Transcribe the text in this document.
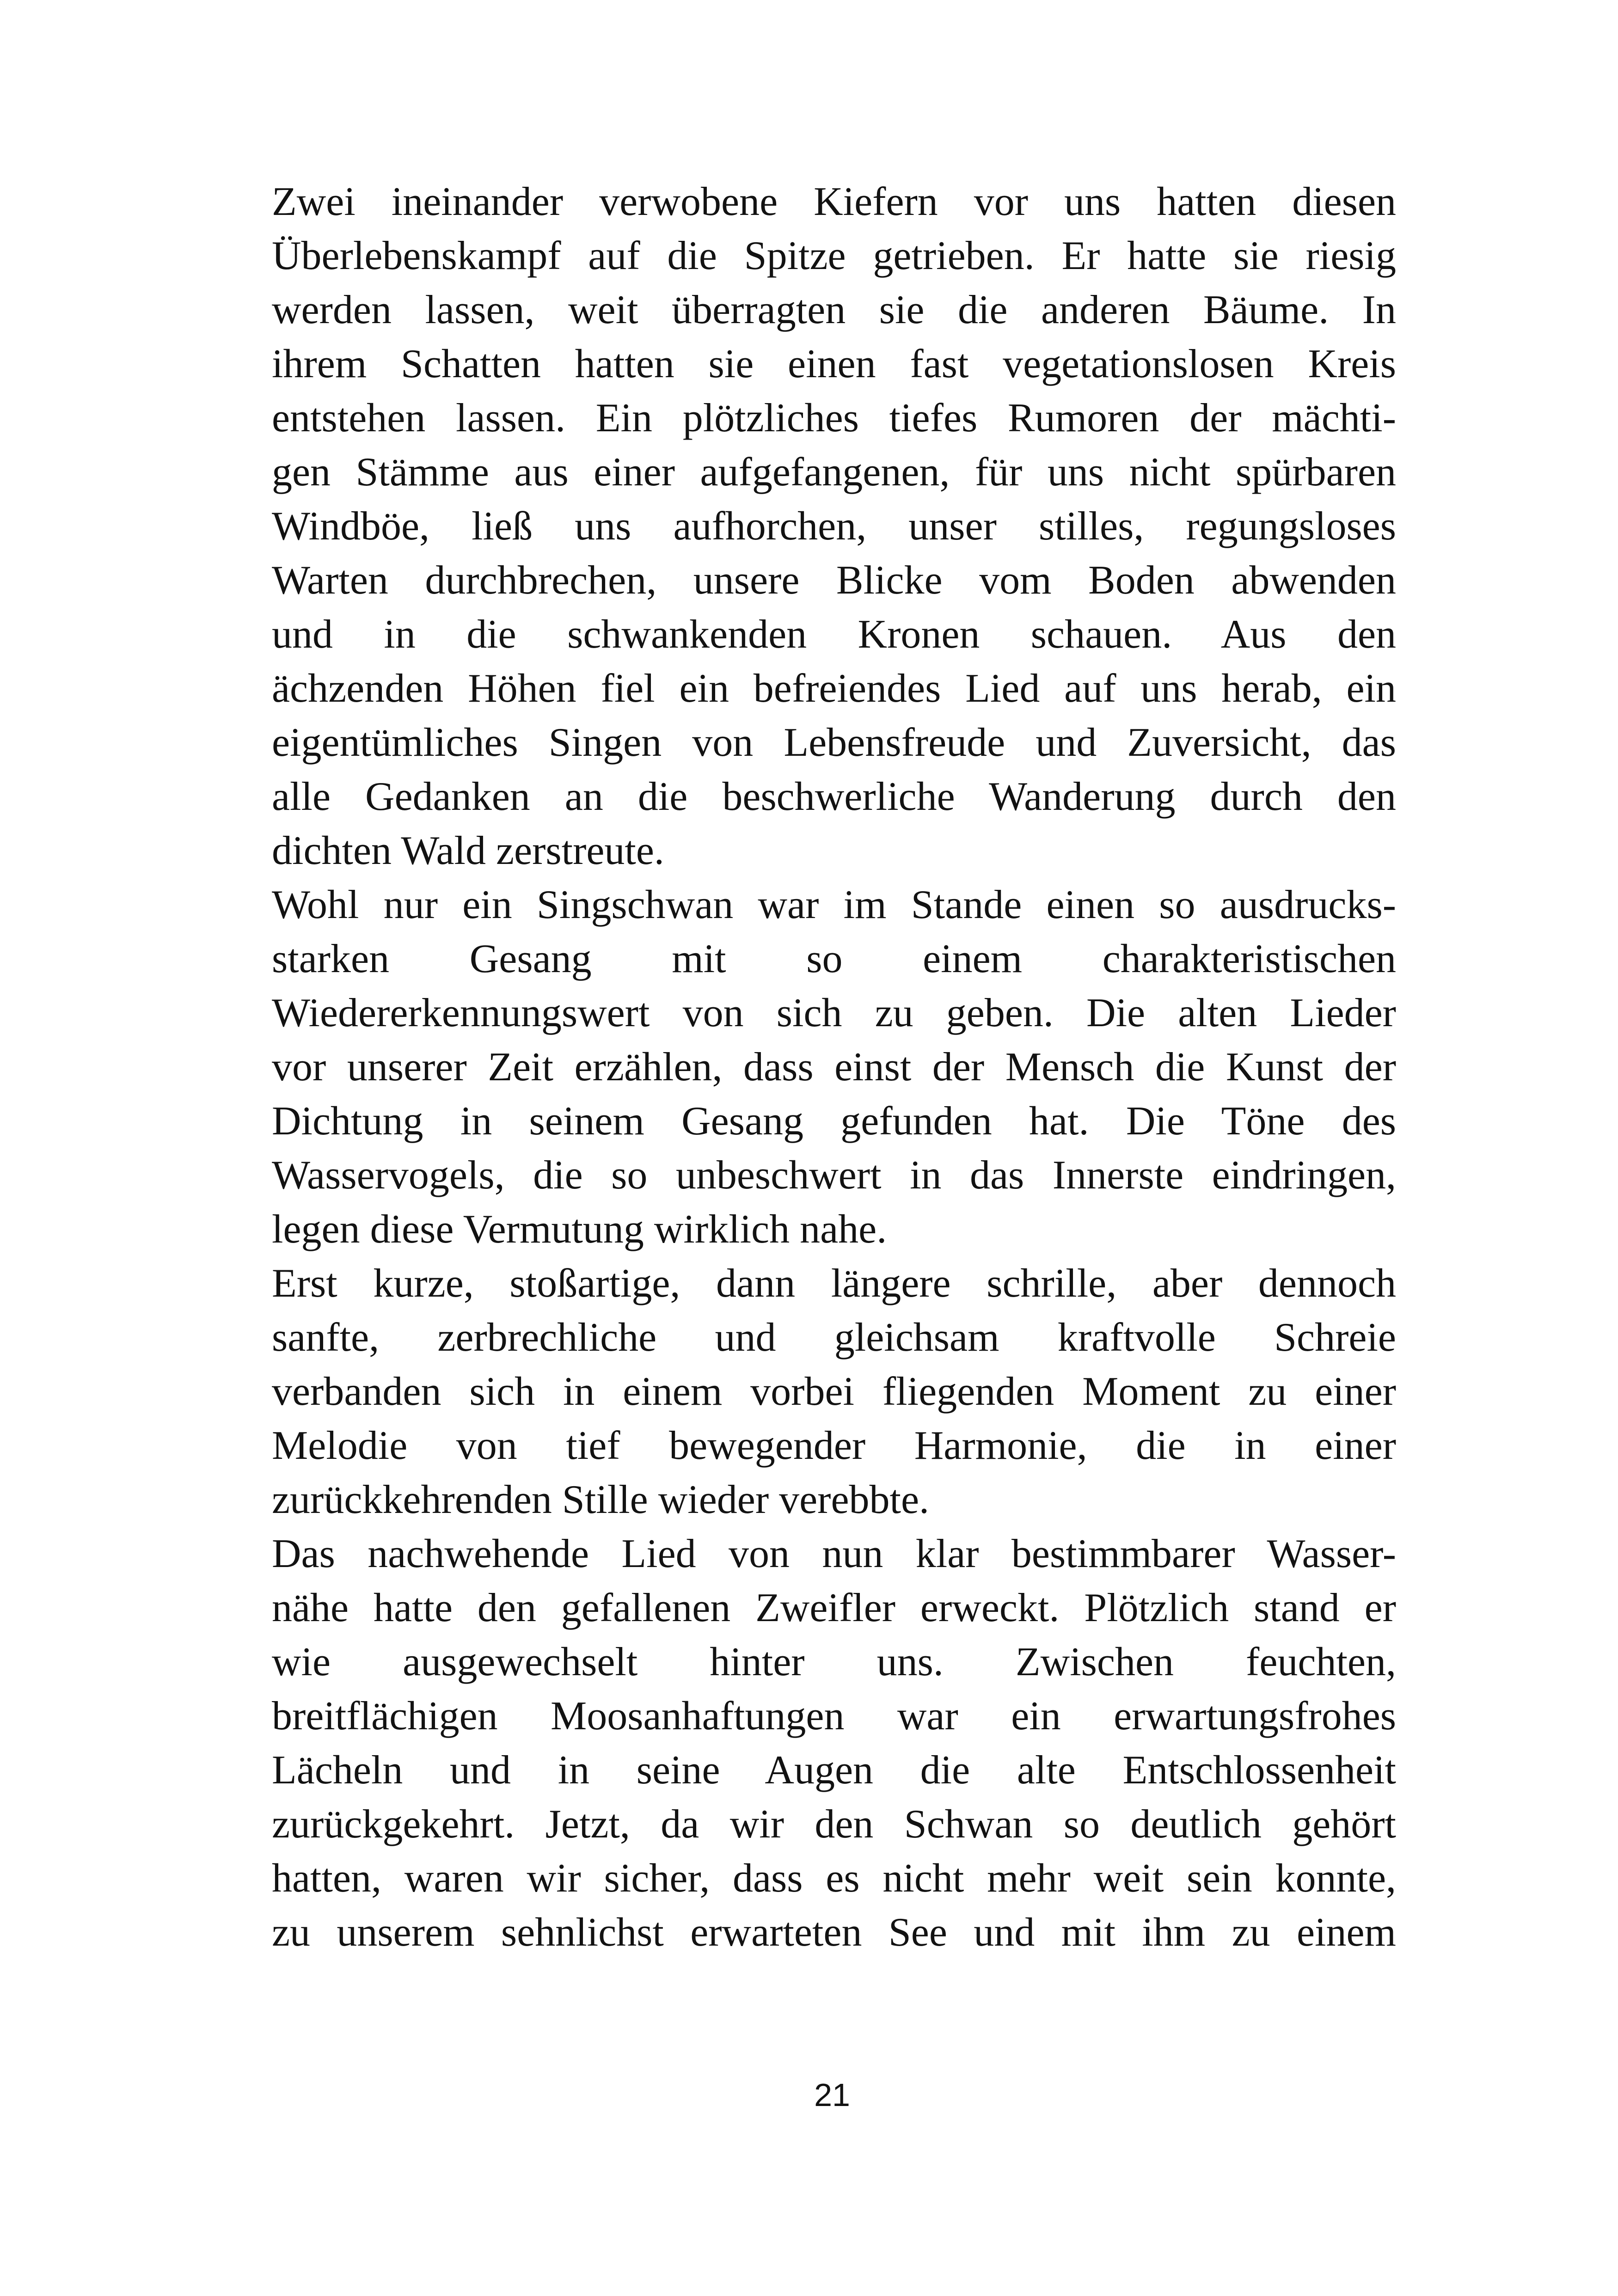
Zwei ineinander verwobene Kiefern vor uns hatten diesen
Überlebenskampf auf die Spitze getrieben. Er hatte sie riesig
werden lassen, weit überragten sie die anderen Bäume. In
ihrem Schatten hatten sie einen fast vegetationslosen Kreis
entstehen lassen. Ein plötzliches tiefes Rumoren der mächti-
gen Stämme aus einer aufgefangenen, für uns nicht spürbaren
Windböe, ließ uns aufhorchen, unser stilles, regungsloses
Warten durchbrechen, unsere Blicke vom Boden abwenden
und in die schwankenden Kronen schauen. Aus den
ächzenden Höhen fiel ein befreiendes Lied auf uns herab, ein
eigentümliches Singen von Lebensfreude und Zuversicht, das
alle Gedanken an die beschwerliche Wanderung durch den
dichten Wald zerstreute.
Wohl nur ein Singschwan war im Stande einen so ausdrucks-
starken Gesang mit so einem charakteristischen
Wiedererkennungswert von sich zu geben. Die alten Lieder
vor unserer Zeit erzählen, dass einst der Mensch die Kunst der
Dichtung in seinem Gesang gefunden hat. Die Töne des
Wasservogels, die so unbeschwert in das Innerste eindringen,
legen diese Vermutung wirklich nahe.
Erst kurze, stoßartige, dann längere schrille, aber dennoch
sanfte, zerbrechliche und gleichsam kraftvolle Schreie
verbanden sich in einem vorbei fliegenden Moment zu einer
Melodie von tief bewegender Harmonie, die in einer
zurückkehrenden Stille wieder verebbte.
Das nachwehende Lied von nun klar bestimmbarer Wasser-
nähe hatte den gefallenen Zweifler erweckt. Plötzlich stand er
wie ausgewechselt hinter uns. Zwischen feuchten,
breitflächigen Moosanhaftungen war ein erwartungsfrohes
Lächeln und in seine Augen die alte Entschlossenheit
zurückgekehrt. Jetzt, da wir den Schwan so deutlich gehört
hatten, waren wir sicher, dass es nicht mehr weit sein konnte,
zu unserem sehnlichst erwarteten See und mit ihm zu einem
21
